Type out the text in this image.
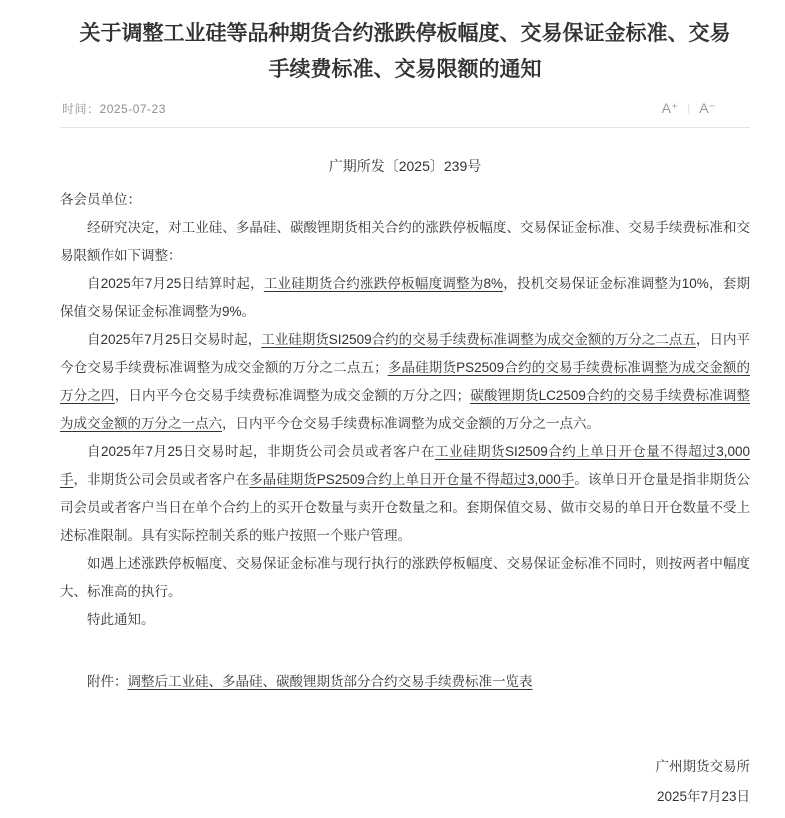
关于调整工业硅等品种期货合约涨跌停板幅度、交易保证金标准、交易手续费标准、交易限额的通知
时间：2025-07-23	A⁺ | A⁻
广期所发〔2025〕239号

各会员单位：

经研究决定，对工业硅、多晶硅、碳酸锂期货相关合约的涨跌停板幅度、交易保证金标准、交易手续费标准和交易限额作如下调整：

自2025年7月25日结算时起，工业硅期货合约涨跌停板幅度调整为8%，投机交易保证金标准调整为10%，套期保值交易保证金标准调整为9%。

自2025年7月25日交易时起，工业硅期货SI2509合约的交易手续费标准调整为成交金额的万分之二点五，日内平今仓交易手续费标准调整为成交金额的万分之二点五；多晶硅期货PS2509合约的交易手续费标准调整为成交金额的万分之四，日内平今仓交易手续费标准调整为成交金额的万分之四；碳酸锂期货LC2509合约的交易手续费标准调整为成交金额的万分之一点六，日内平今仓交易手续费标准调整为成交金额的万分之一点六。

自2025年7月25日交易时起，非期货公司会员或者客户在工业硅期货SI2509合约上单日开仓量不得超过3,000手，非期货公司会员或者客户在多晶硅期货PS2509合约上单日开仓量不得超过3,000手。该单日开仓量是指非期货公司会员或者客户当日在单个合约上的买开仓数量与卖开仓数量之和。套期保值交易、做市交易的单日开仓数量不受上述标准限制。具有实际控制关系的账户按照一个账户管理。

如遇上述涨跌停板幅度、交易保证金标准与现行执行的涨跌停板幅度、交易保证金标准不同时，则按两者中幅度大、标准高的执行。

特此通知。

附件：调整后工业硅、多晶硅、碳酸锂期货部分合约交易手续费标准一览表

广州期货交易所

2025年7月23日
